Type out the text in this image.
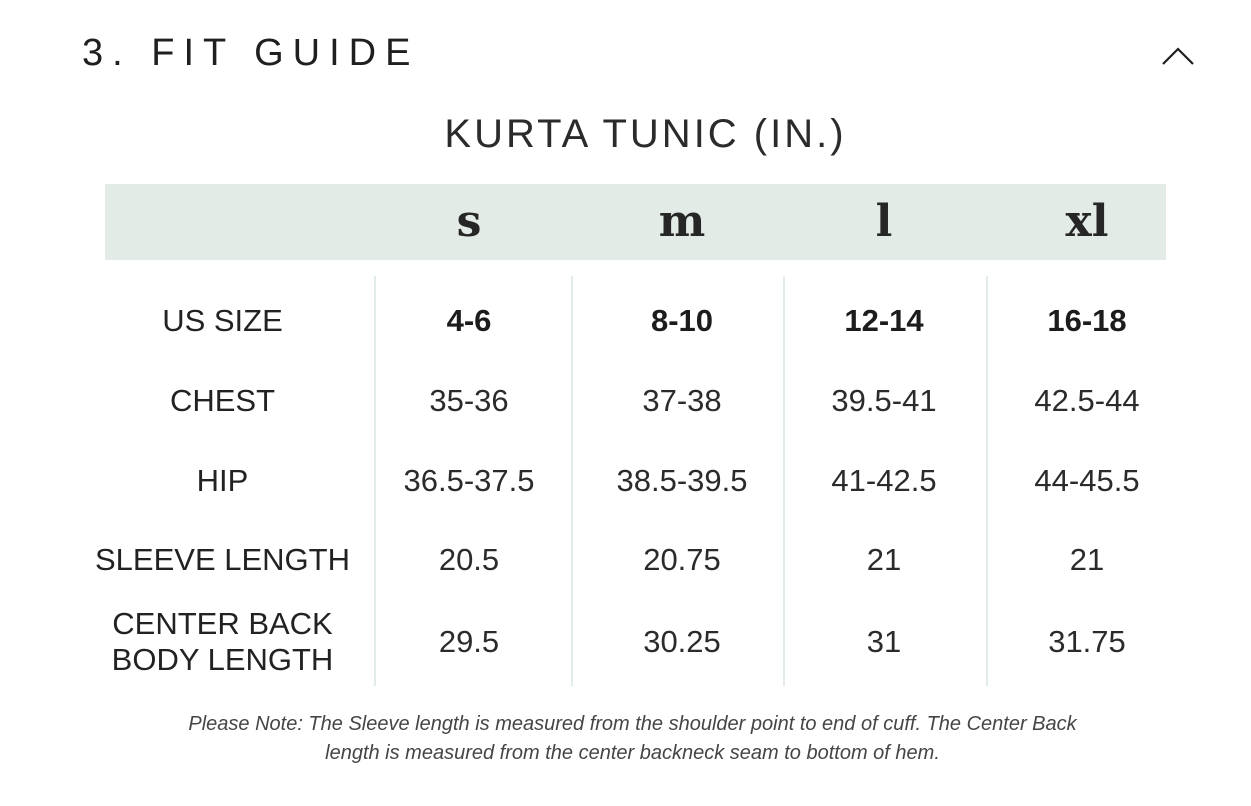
3. FIT GUIDE
KURTA TUNIC (IN.)
s	m	l	xl
US SIZE	4-6	8-10	12-14	16-18
CHEST	35-36	37-38	39.5-41	42.5-44
HIP	36.5-37.5	38.5-39.5	41-42.5	44-45.5
SLEEVE LENGTH	20.5	20.75	21	21
CENTER BACK
BODY LENGTH
29.5	30.25	31	31.75
Please Note: The Sleeve length is measured from the shoulder point to end of cuff. The Center Back
length is measured from the center backneck seam to bottom of hem.
